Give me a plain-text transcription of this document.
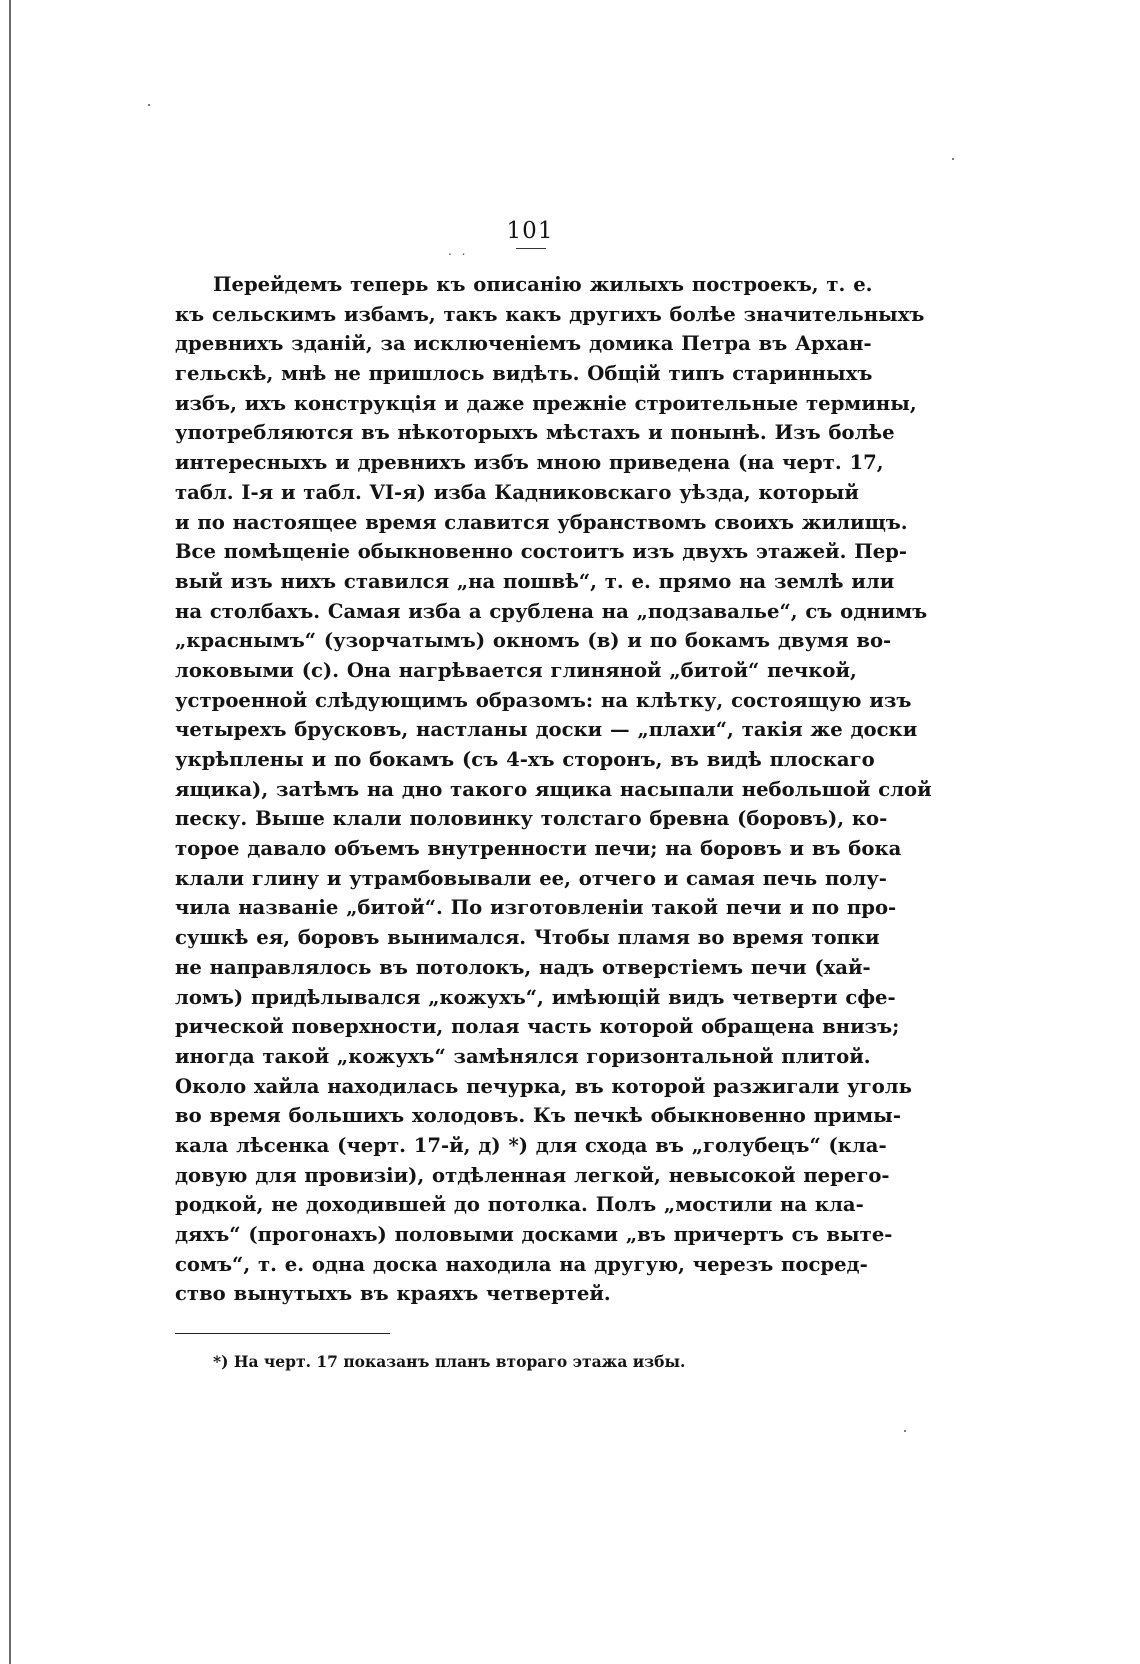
101
. .
Перейдемъ теперь къ описанію жилыхъ построекъ, т. е.
къ сельскимъ избамъ, такъ какъ другихъ болѣе значительныхъ
древнихъ зданій, за исключеніемъ домика Петра въ Архан-
гельскѣ, мнѣ не пришлось видѣть. Общій типъ старинныхъ
избъ, ихъ конструкція и даже прежніе строительные термины,
употребляются въ нѣкоторыхъ мѣстахъ и понынѣ. Изъ болѣе
интересныхъ и древнихъ избъ мною приведена (на черт. 17,
табл. I-я и табл. VI-я) изба Кадниковскаго уѣзда, который
и по настоящее время славится убранствомъ своихъ жилищъ.
Все помѣщеніе обыкновенно состоитъ изъ двухъ этажей. Пер-
вый изъ нихъ ставился „на пошвѣ“, т. е. прямо на землѣ или
на столбахъ. Самая изба а срублена на „подзавалье“, съ однимъ
„краснымъ“ (узорчатымъ) окномъ (в) и по бокамъ двумя во-
локовыми (с). Она нагрѣвается глиняной „битой“ печкой,
устроенной слѣдующимъ образомъ: на клѣтку, состоящую изъ
четырехъ брусковъ, настланы доски — „плахи“, такія же доски
укрѣплены и по бокамъ (съ 4-хъ сторонъ, въ видѣ плоскаго
ящика), затѣмъ на дно такого ящика насыпали небольшой слой
песку. Выше клали половинку толстаго бревна (боровъ), ко-
торое давало объемъ внутренности печи; на боровъ и въ бока
клали глину и утрамбовывали ее, отчего и самая печь полу-
чила названіе „битой“. По изготовленіи такой печи и по про-
сушкѣ ея, боровъ вынимался. Чтобы пламя во время топки
не направлялось въ потолокъ, надъ отверстіемъ печи (хай-
ломъ) придѣлывался „кожухъ“, имѣющій видъ четверти сфе-
рической поверхности, полая часть которой обращена внизъ;
иногда такой „кожухъ“ замѣнялся горизонтальной плитой.
Около хайла находилась печурка, въ которой разжигали уголь
во время большихъ холодовъ. Къ печкѣ обыкновенно примы-
кала лѣсенка (черт. 17-й, д) *) для схода въ „голубецъ“ (кла-
довую для провизіи), отдѣленная легкой, невысокой перего-
родкой, не доходившей до потолка. Полъ „мостили на кла-
дяхъ“ (прогонахъ) половыми досками „въ причертъ съ выте-
сомъ“, т. е. одна доска находила на другую, черезъ посред-
ство вынутыхъ въ краяхъ четвертей.
*) На черт. 17 показанъ планъ втораго этажа избы.
